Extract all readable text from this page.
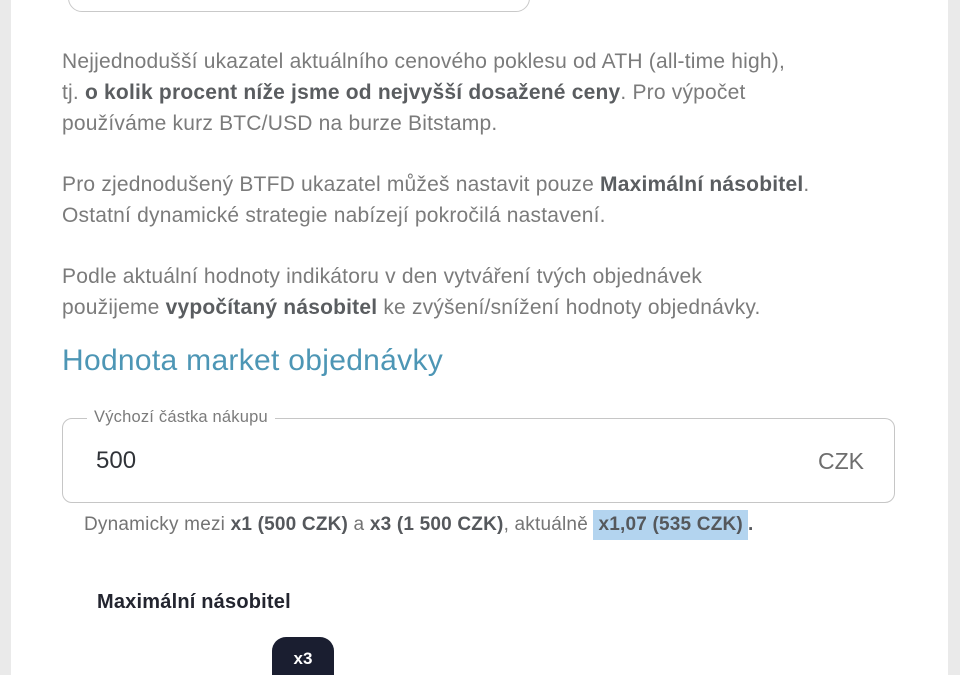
Nejjednodušší ukazatel aktuálního cenového poklesu od ATH (all-time high),
tj. o kolik procent níže jsme od nejvyšší dosažené ceny. Pro výpočet
používáme kurz BTC/USD na burze Bitstamp.

Pro zjednodušený BTFD ukazatel můžeš nastavit pouze Maximální násobitel.
Ostatní dynamické strategie nabízejí pokročilá nastavení.

Podle aktuální hodnoty indikátoru v den vytváření tvých objednávek
použijeme vypočítaný násobitel ke zvýšení/snížení hodnoty objednávky.

Hodnota market objednávky
Výchozí částka nákupu
500
CZK
Dynamicky mezi x1 (500 CZK) a x3 (1 500 CZK), aktuálně x1,07 (535 CZK) .
Maximální násobitel
x3
